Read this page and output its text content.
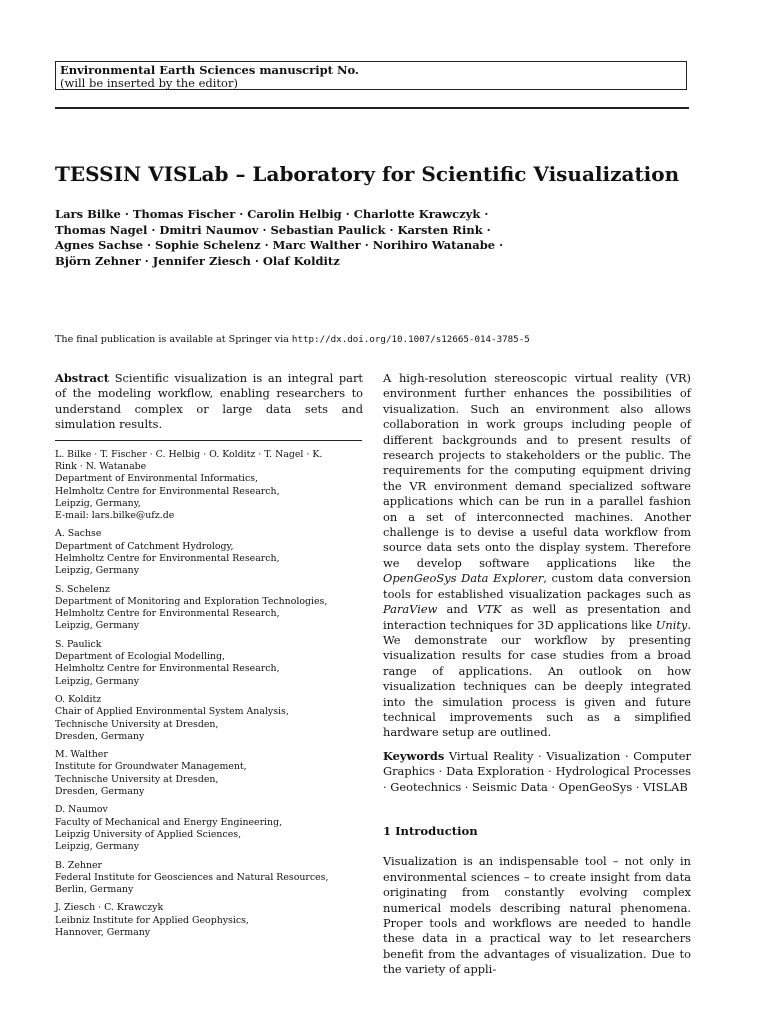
Environmental Earth Sciences manuscript No.
(will be inserted by the editor)
TESSIN VISLab – Laboratory for Scientific Visualization
Lars Bilke · Thomas Fischer · Carolin Helbig · Charlotte Krawczyk ·
Thomas Nagel · Dmitri Naumov · Sebastian Paulick · Karsten Rink ·
Agnes Sachse · Sophie Schelenz · Marc Walther · Norihiro Watanabe ·
Björn Zehner · Jennifer Ziesch · Olaf Kolditz
The final publication is available at Springer via http://dx.doi.org/10.1007/s12665-014-3785-5
Abstract Scientific visualization is an integral part of the modeling workflow, enabling researchers to understand complex or large data sets and simulation results.
L. Bilke · T. Fischer · C. Helbig · O. Kolditz · T. Nagel · K.
Rink · N. Watanabe
Department of Environmental Informatics,
Helmholtz Centre for Environmental Research,
Leipzig, Germany,
E-mail: lars.bilke@ufz.de
A. Sachse
Department of Catchment Hydrology,
Helmholtz Centre for Environmental Research,
Leipzig, Germany
S. Schelenz
Department of Monitoring and Exploration Technologies,
Helmholtz Centre for Environmental Research,
Leipzig, Germany
S. Paulick
Department of Ecologial Modelling,
Helmholtz Centre for Environmental Research,
Leipzig, Germany
O. Kolditz
Chair of Applied Environmental System Analysis,
Technische University at Dresden,
Dresden, Germany
M. Walther
Institute for Groundwater Management,
Technische University at Dresden,
Dresden, Germany
D. Naumov
Faculty of Mechanical and Energy Engineering,
Leipzig University of Applied Sciences,
Leipzig, Germany
B. Zehner
Federal Institute for Geosciences and Natural Resources,
Berlin, Germany
J. Ziesch · C. Krawczyk
Leibniz Institute for Applied Geophysics,
Hannover, Germany
A high-resolution stereoscopic virtual reality (VR) environment further enhances the possibilities of visualization. Such an environment also allows collaboration in work groups including people of different backgrounds and to present results of research projects to stakeholders or the public. The requirements for the computing equipment driving the VR environment demand specialized software applications which can be run in a parallel fashion on a set of interconnected machines. Another challenge is to devise a useful data workflow from source data sets onto the display system. Therefore we develop software applications like the OpenGeoSys Data Explorer, custom data conversion tools for established visualization packages such as ParaView and VTK as well as presentation and interaction techniques for 3D applications like Unity. We demonstrate our workflow by presenting visualization results for case studies from a broad range of applications. An outlook on how visualization techniques can be deeply integrated into the simulation process is given and future technical improvements such as a simplified hardware setup are outlined.
Keywords Virtual Reality · Visualization · Computer Graphics · Data Exploration · Hydrological Processes · Geotechnics · Seismic Data · OpenGeoSys · VISLAB
1 Introduction
Visualization is an indispensable tool – not only in environmental sciences – to create insight from data originating from constantly evolving complex numerical models describing natural phenomena. Proper tools and workflows are needed to handle these data in a practical way to let researchers benefit from the advantages of visualization. Due to the variety of appli-
